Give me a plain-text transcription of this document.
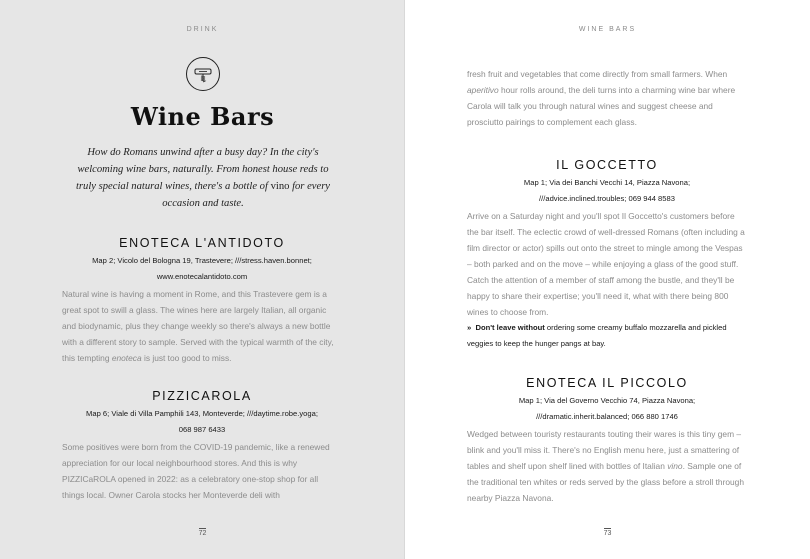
DRINK
Wine Bars

How do Romans unwind after a busy day? In the city's welcoming wine bars, naturally. From honest house reds to truly special natural wines, there's a bottle of vino for every occasion and taste.

ENOTECA L'ANTIDOTO
Map 2; Vicolo del Bologna 19, Trastevere; ///stress.haven.bonnet;
www.enotecalantidoto.com

Natural wine is having a moment in Rome, and this Trastevere gem is a great spot to swill a glass. The wines here are largely Italian, all organic and biodynamic, plus they change weekly so there's always a new bottle with a different story to sample. Served with the typical warmth of the city, this tempting enoteca is just too good to miss.

PIZZICAROLA
Map 6; Viale di Villa Pamphili 143, Monteverde; ///daytime.robe.yoga;
068 987 6433

Some positives were born from the COVID-19 pandemic, like a renewed appreciation for our local neighbourhood stores. And this is why PIZZICaROLA opened in 2022: as a celebratory one-stop shop for all things local. Owner Carola stocks her Monteverde deli with

72
WINE BARS

fresh fruit and vegetables that come directly from small farmers. When aperitivo hour rolls around, the deli turns into a charming wine bar where Carola will talk you through natural wines and suggest cheese and prosciutto pairings to complement each glass.

IL GOCCETTO
Map 1; Via dei Banchi Vecchi 14, Piazza Navona;
///advice.inclined.troubles; 069 944 8583

Arrive on a Saturday night and you'll spot Il Goccetto's customers before the bar itself. The eclectic crowd of well-dressed Romans (often including a film director or actor) spills out onto the street to mingle among the Vespas – both parked and on the move – while enjoying a glass of the good stuff. Catch the attention of a member of staff among the bustle, and they'll be happy to share their expertise; you'll need it, what with there being 800 wines to choose from.

» Don't leave without ordering some creamy buffalo mozzarella and pickled veggies to keep the hunger pangs at bay.

ENOTECA IL PICCOLO
Map 1; Via del Governo Vecchio 74, Piazza Navona;
///dramatic.inherit.balanced; 066 880 1746

Wedged between touristy restaurants touting their wares is this tiny gem – blink and you'll miss it. There's no English menu here, just a smattering of tables and shelf upon shelf lined with bottles of Italian vino. Sample one of the traditional ten whites or reds served by the glass before a stroll through nearby Piazza Navona.

73
